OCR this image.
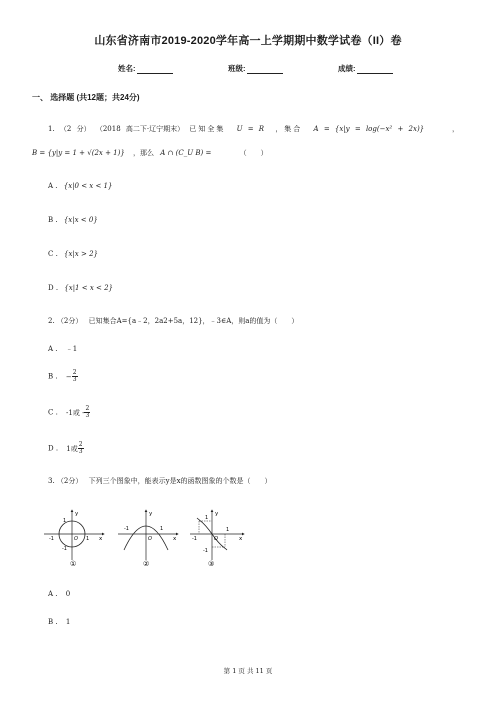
山东省济南市2019-2020学年高一上学期期中数学试卷（II）卷
姓名:	班级:	成绩:
一、 选择题 (共12题；共24分)
1. （2 分） （2018 高二下·辽宁期末） 已知全集 U = R ，集合 A = {x|y = log(−x² + 2x)}	，
B = {y|y = 1 + √(2x + 1)} ，那么 A ∩ (C_U B) =	（　　）
A . {x|0 < x < 1}
B . {x|x < 0}
C . {x|x > 2}
D . {x|1 < x < 2}
2. （2分） 已知集合A={a﹣2，2a2+5a，12}，﹣3∈A，则a的值为（　　）
A . ﹣1
B . − $\frac{2}{3}$
C . -1或 - $\frac{2}{3}$
D . 1或 $\frac{2}{3}$
3. （2分） 下列三个图象中，能表示y是x的函数图象的个数是（　　）
y
1
-1	O 1 x
-1
①
y
-1
O
1
x
②
y
1
-1	O
1
x
-1
③
A . 0
B . 1
第 1 页 共 11 页
